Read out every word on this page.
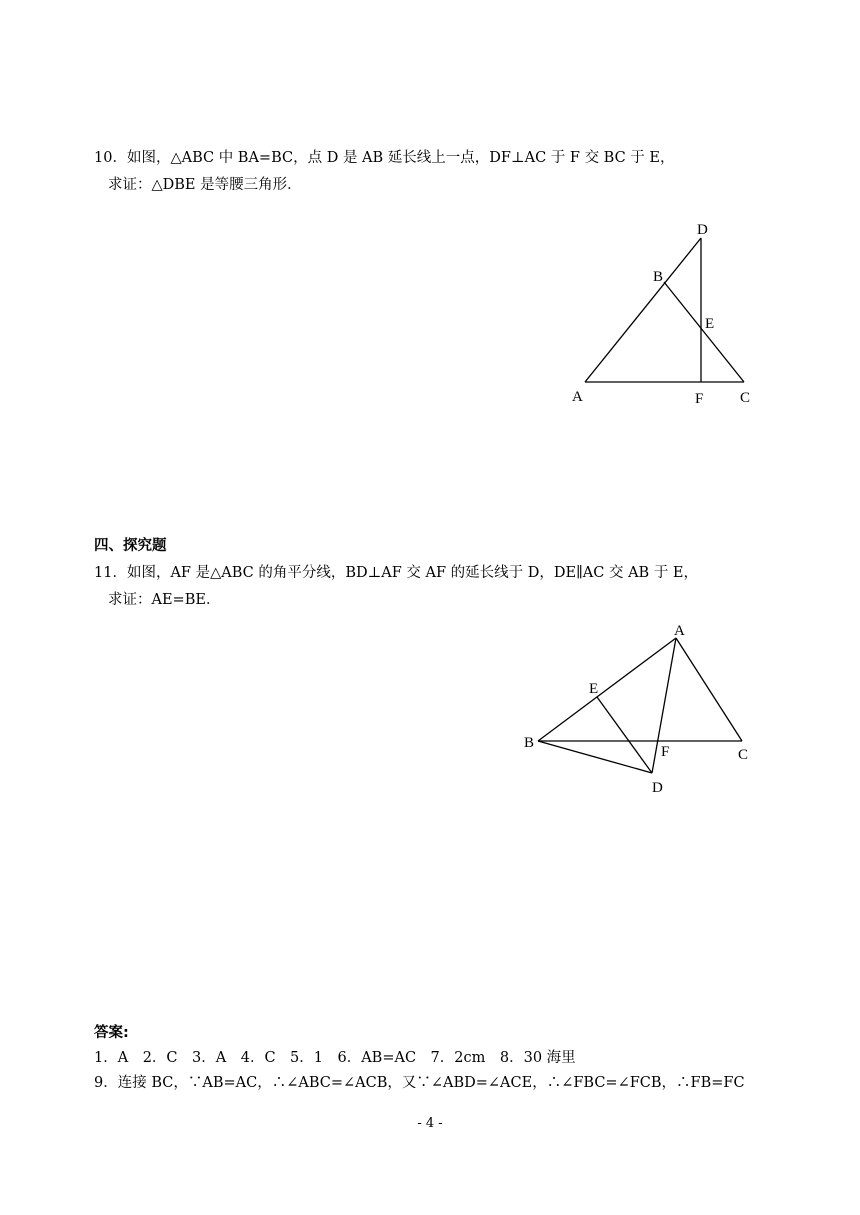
10．如图，△ABC 中 BA=BC，点 D 是 AB 延长线上一点，DF⊥AC 于 F 交 BC 于 E，
求证：△DBE 是等腰三角形．
D
B
E
A	F C
四、探究题
11．如图，AF 是△ABC 的角平分线，BD⊥AF 交 AF 的延长线于 D，DE∥AC 交 AB 于 E，
求证：AE=BE．
A
E
B
F	C
D
答案:
1．A　2．C　3．A　4．C　5．1　6．AB=AC　7．2cm　8．30 海里
9．连接 BC，∵AB=AC，∴∠ABC=∠ACB，又∵∠ABD=∠ACE，∴∠FBC=∠FCB，∴FB=FC
- 4 -
